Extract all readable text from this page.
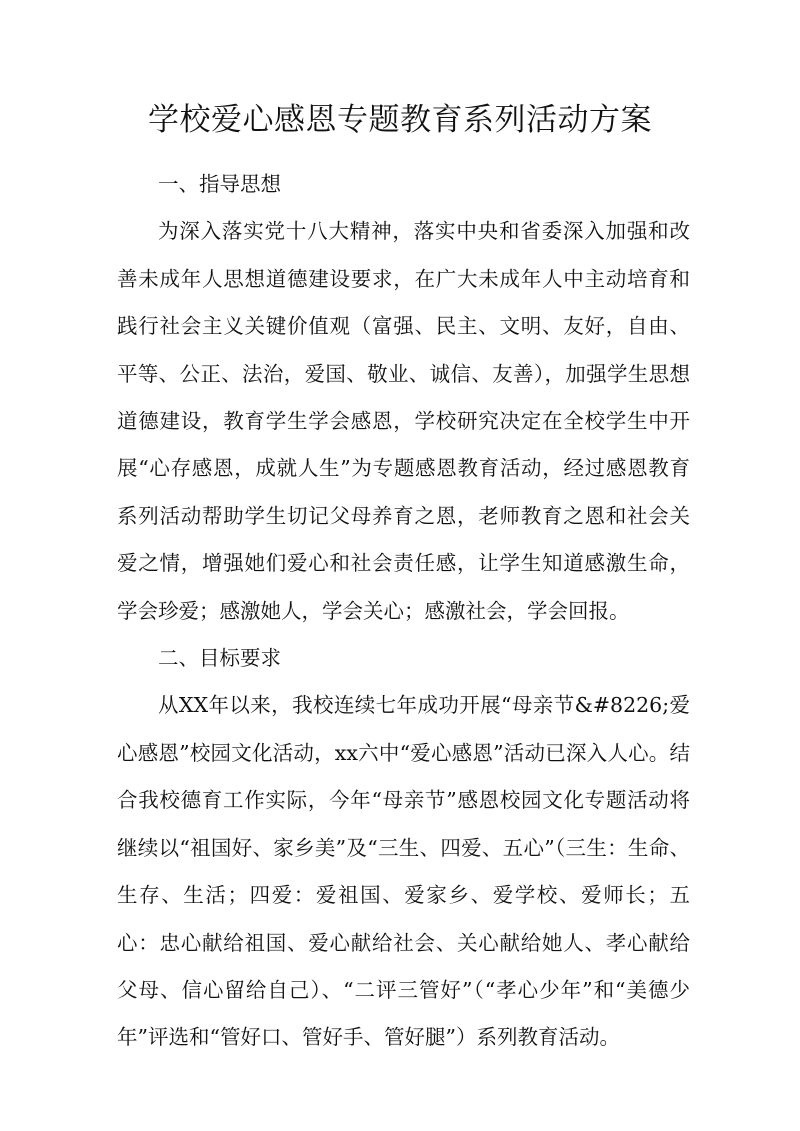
学校爱心感恩专题教育系列活动方案

一、指导思想

为深入落实党十八大精神，落实中央和省委深入加强和改善未成年人思想道德建设要求，在广大未成年人中主动培育和践行社会主义关键价值观（富强、民主、文明、友好，自由、平等、公正、法治，爱国、敬业、诚信、友善），加强学生思想道德建设，教育学生学会感恩，学校研究决定在全校学生中开展“心存感恩，成就人生”为专题感恩教育活动，经过感恩教育系列活动帮助学生切记父母养育之恩，老师教育之恩和社会关爱之情，增强她们爱心和社会责任感，让学生知道感激生命，学会珍爱；感激她人，学会关心；感激社会，学会回报。

二、目标要求

从XX年以来，我校连续七年成功开展“母亲节&#8226;爱心感恩”校园文化活动，xx六中“爱心感恩”活动已深入人心。结合我校德育工作实际，今年“母亲节”感恩校园文化专题活动将继续以“祖国好、家乡美”及“三生、四爱、五心”（三生：生命、生存、生活；四爱：爱祖国、爱家乡、爱学校、爱师长；五心：忠心献给祖国、爱心献给社会、关心献给她人、孝心献给父母、信心留给自己）、“二评三管好”（“孝心少年”和“美德少年”评选和“管好口、管好手、管好腿”）系列教育活动。
